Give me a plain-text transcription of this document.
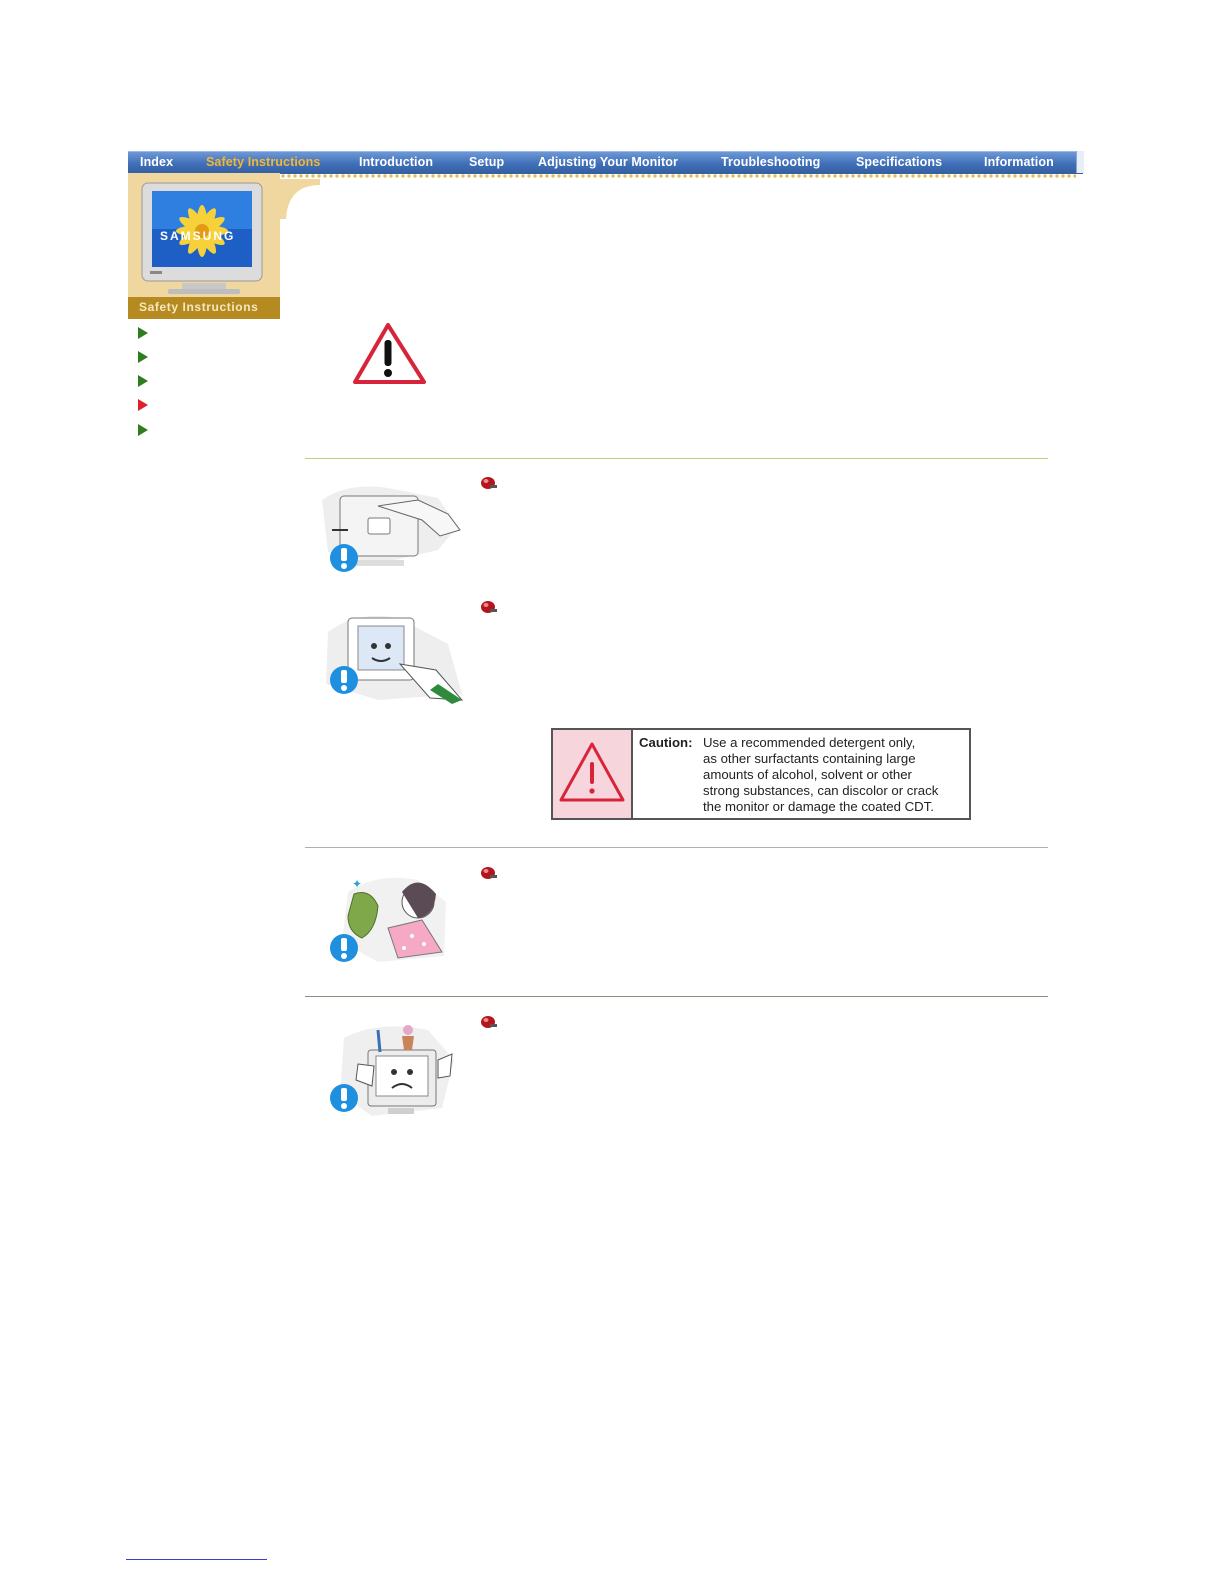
Index	Safety Instructions	Introduction	Setup	Adjusting Your Monitor	Troubleshooting	Specifications	Information
SAMSUNG
Safety Instructions
Caution: Use a recommended detergent only,
as other surfactants containing large
amounts of alcohol, solvent or other
strong substances, can discolor or crack
the monitor or damage the coated CDT.
✦
